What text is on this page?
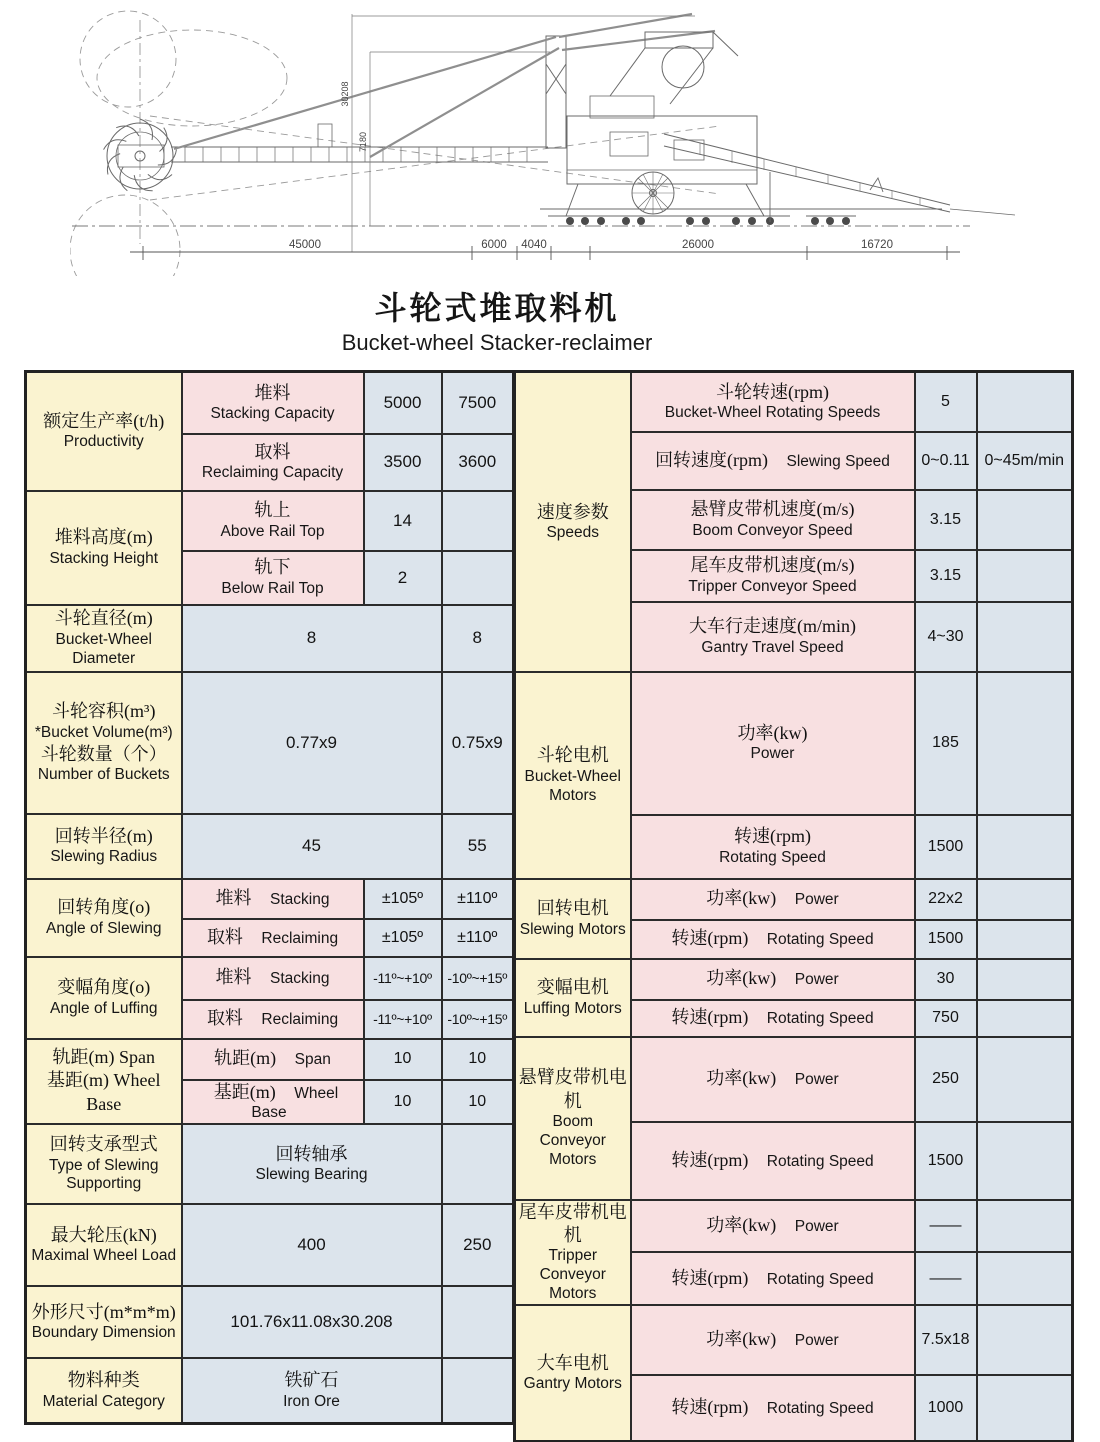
45000	6000 4040	26000	16720
30208
7180
斗轮式堆取料机
Bucket-wheel Stacker-reclaimer
额定生产率(t/h)
Productivity	堆料
Stacking Capacity	5000	7500

	取料
Reclaiming Capacity	3500	3600

堆料高度(m)
Stacking Height	轨上
Above Rail Top	14	

	轨下
Below Rail Top	2	

斗轮直径(m)
Bucket-Wheel Diameter	8		8

斗轮容积(m³)
*Bucket Volume(m³)
斗轮数量（个）
Number of Buckets	0.77x9		0.75x9

回转半径(m)
Slewing Radius	45		55

回转角度(o)
Angle of Slewing	堆料 Stacking	±105º	±110º
	取料 Reclaiming	±105º	±110º

变幅角度(o)
Angle of Luffing	堆料 Stacking	-11º~+10º	-10º~+15º
	取料 Reclaiming	-11º~+10º	-10º~+15º

轨距(m) Span
基距(m) Wheel Base	轨距(m) Span	10	10
	基距(m) Wheel Base	10	10

回转支承型式
Type of Slewing Supporting	回转轴承
Slewing Bearing		

最大轮压(kN)
Maximal Wheel Load	400		250

外形尺寸(m*m*m)
Boundary Dimension	101.76x11.08x30.208		

物料种类
Material Category	铁矿石
Iron Ore		

速度参数
Speeds	斗轮转速(rpm)
Bucket-Wheel Rotating Speeds	5	
	回转速度(rpm) Slewing Speed	0~0.11	0~45m/min

	悬臂皮带机速度(m/s)
Boom Conveyor Speed	3.15	

	尾车皮带机速度(m/s)
Tripper Conveyor Speed	3.15	

	大车行走速度(m/min)
Gantry Travel Speed	4~30	

斗轮电机
Bucket-Wheel Motors	功率(kw)
Power	185	

	转速(rpm)
Rotating Speed	1500	

回转电机
Slewing Motors	功率(kw) Power	22x2	
	转速(rpm) Rotating Speed	1500	

变幅电机
Luffing Motors	功率(kw) Power	30	
	转速(rpm) Rotating Speed	750	

悬臂皮带机电机
Boom Conveyor Motors	功率(kw) Power	250	
	转速(rpm) Rotating Speed	1500	

尾车皮带机电机
Tripper Conveyor Motors	功率(kw) Power	——	
	转速(rpm) Rotating Speed	——	

大车电机
Gantry Motors	功率(kw) Power	7.5x18	
	转速(rpm) Rotating Speed	1000	
